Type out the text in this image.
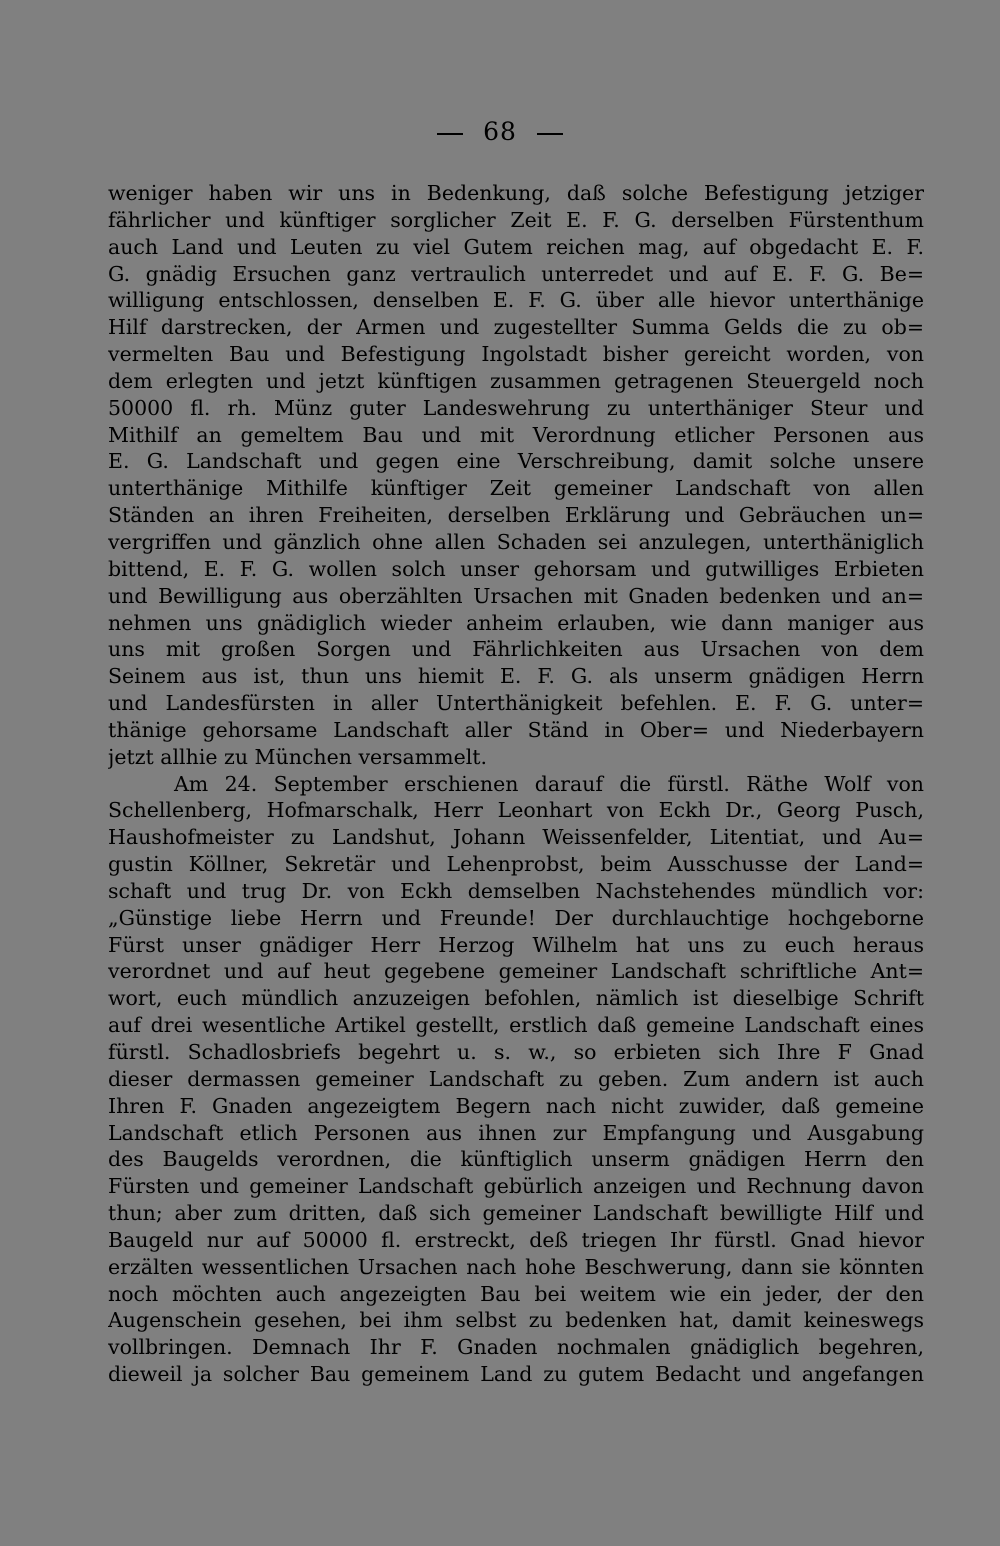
68
weniger haben wir uns in Bedenkung, daß solche Befestigung jetziger
fährlicher und künftiger sorglicher Zeit E. F. G. derselben Fürstenthum
auch Land und Leuten zu viel Gutem reichen mag, auf obgedacht E. F.
G. gnädig Ersuchen ganz vertraulich unterredet und auf E. F. G. Be=
willigung entschlossen, denselben E. F. G. über alle hievor unterthänige
Hilf darstrecken, der Armen und zugestellter Summa Gelds die zu ob=
vermelten Bau und Befestigung Ingolstadt bisher gereicht worden, von
dem erlegten und jetzt künftigen zusammen getragenen Steuergeld noch
50000 fl. rh. Münz guter Landeswehrung zu unterthäniger Steur und
Mithilf an gemeltem Bau und mit Verordnung etlicher Personen aus
E. G. Landschaft und gegen eine Verschreibung, damit solche unsere
unterthänige Mithilfe künftiger Zeit gemeiner Landschaft von allen
Ständen an ihren Freiheiten, derselben Erklärung und Gebräuchen un=
vergriffen und gänzlich ohne allen Schaden sei anzulegen, unterthäniglich
bittend, E. F. G. wollen solch unser gehorsam und gutwilliges Erbieten
und Bewilligung aus oberzählten Ursachen mit Gnaden bedenken und an=
nehmen uns gnädiglich wieder anheim erlauben, wie dann maniger aus
uns mit großen Sorgen und Fährlichkeiten aus Ursachen von dem
Seinem aus ist, thun uns hiemit E. F. G. als unserm gnädigen Herrn
und Landesfürsten in aller Unterthänigkeit befehlen. E. F. G. unter=
thänige gehorsame Landschaft aller Ständ in Ober= und Niederbayern
jetzt allhie zu München versammelt.
Am 24. September erschienen darauf die fürstl. Räthe Wolf von
Schellenberg, Hofmarschalk, Herr Leonhart von Eckh Dr., Georg Pusch,
Haushofmeister zu Landshut, Johann Weissenfelder, Litentiat, und Au=
gustin Köllner, Sekretär und Lehenprobst, beim Ausschusse der Land=
schaft und trug Dr. von Eckh demselben Nachstehendes mündlich vor:
„Günstige liebe Herrn und Freunde! Der durchlauchtige hochgeborne
Fürst unser gnädiger Herr Herzog Wilhelm hat uns zu euch heraus
verordnet und auf heut gegebene gemeiner Landschaft schriftliche Ant=
wort, euch mündlich anzuzeigen befohlen, nämlich ist dieselbige Schrift
auf drei wesentliche Artikel gestellt, erstlich daß gemeine Landschaft eines
fürstl. Schadlosbriefs begehrt u. s. w., so erbieten sich Ihre F Gnad
dieser dermassen gemeiner Landschaft zu geben. Zum andern ist auch
Ihren F. Gnaden angezeigtem Begern nach nicht zuwider, daß gemeine
Landschaft etlich Personen aus ihnen zur Empfangung und Ausgabung
des Baugelds verordnen, die künftiglich unserm gnädigen Herrn den
Fürsten und gemeiner Landschaft gebürlich anzeigen und Rechnung davon
thun; aber zum dritten, daß sich gemeiner Landschaft bewilligte Hilf und
Baugeld nur auf 50000 fl. erstreckt, deß triegen Ihr fürstl. Gnad hievor
erzälten wessentlichen Ursachen nach hohe Beschwerung, dann sie könnten
noch möchten auch angezeigten Bau bei weitem wie ein jeder, der den
Augenschein gesehen, bei ihm selbst zu bedenken hat, damit keineswegs
vollbringen. Demnach Ihr F. Gnaden nochmalen gnädiglich begehren,
dieweil ja solcher Bau gemeinem Land zu gutem Bedacht und angefangen
